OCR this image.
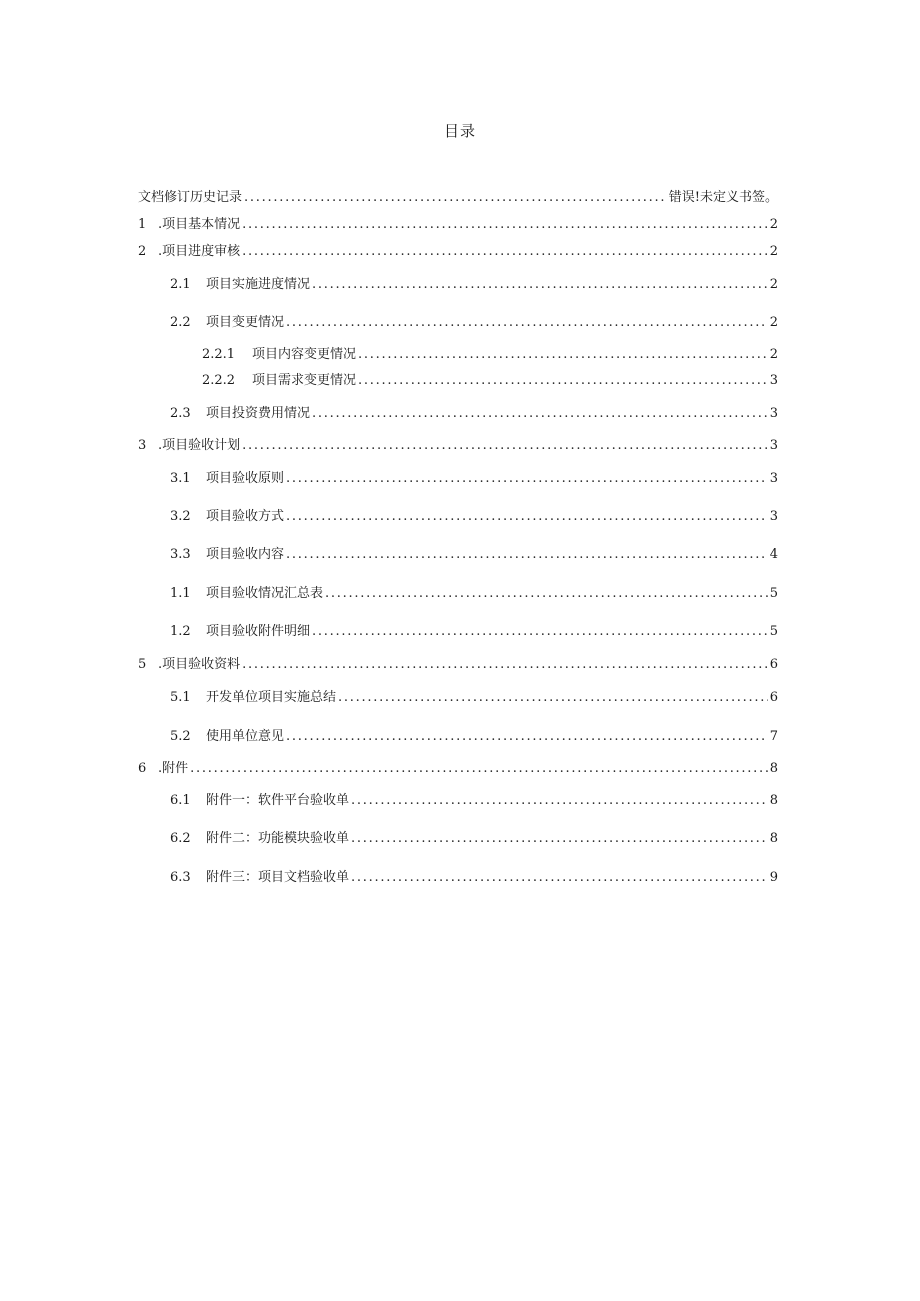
目录
文档修订历史记录 . . .	错误!未定义书签。
1 .项目基本情况 . . .	2
2 .项目进度审核 . . .	2
2.1	项目实施进度情况 . . .	2
2.2	项目变更情况 . . .	2
2.2.1	项目内容变更情况 . . .	2
2.2.2	项目需求变更情况 . . .	3
2.3	项目投资费用情况 . . .	3
3 .项目验收计划 . . .	3
3.1	项目验收原则 . . .	3
3.2	项目验收方式 . . .	3
3.3	项目验收内容 . . .	4
1.1	项目验收情况汇总表 . . .	5
1.2	项目验收附件明细 . . .	5
5 .项目验收资料 . . .	6
5.1	开发单位项目实施总结 . . .	6
5.2	使用单位意见 . . .	7
6 .附件 . . .	8
6.1	附件一：软件平台验收单 . . .	8
6.2	附件二：功能模块验收单 . . .	8
6.3	附件三：项目文档验收单 . . .	9
